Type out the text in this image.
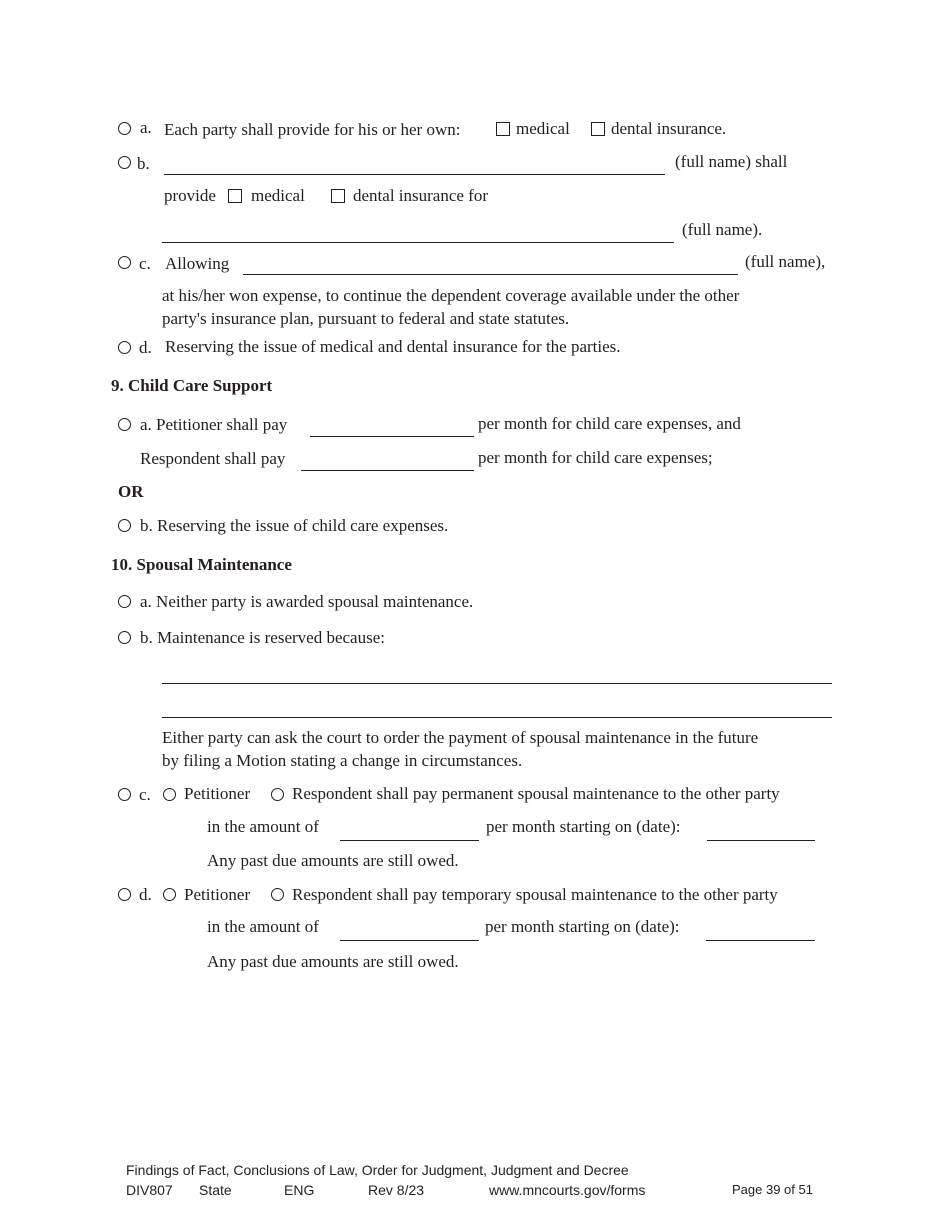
a. Each party shall provide for his or her own:	medical dental insurance.
b.	(full name) shall
provide medical	dental insurance for
(full name).
c. Allowing	(full name),
at his/her won expense, to continue the dependent coverage available under the other
party's insurance plan, pursuant to federal and state statutes.
d. Reserving the issue of medical and dental insurance for the parties.
9. Child Care Support
a. Petitioner shall pay	per month for child care expenses, and
Respondent shall pay	per month for child care expenses;
OR
b. Reserving the issue of child care expenses.
10. Spousal Maintenance
a. Neither party is awarded spousal maintenance.
b. Maintenance is reserved because:
Either party can ask the court to order the payment of spousal maintenance in the future
by filing a Motion stating a change in circumstances.
c. Petitioner Respondent shall pay permanent spousal maintenance to the other party
in the amount of	per month starting on (date):
Any past due amounts are still owed.
d. Petitioner Respondent shall pay temporary spousal maintenance to the other party
in the amount of	per month starting on (date):
Any past due amounts are still owed.
Findings of Fact, Conclusions of Law, Order for Judgment, Judgment and Decree
DIV807 State	ENG	Rev 8/23	www.mncourts.gov/forms	Page 39 of 51
